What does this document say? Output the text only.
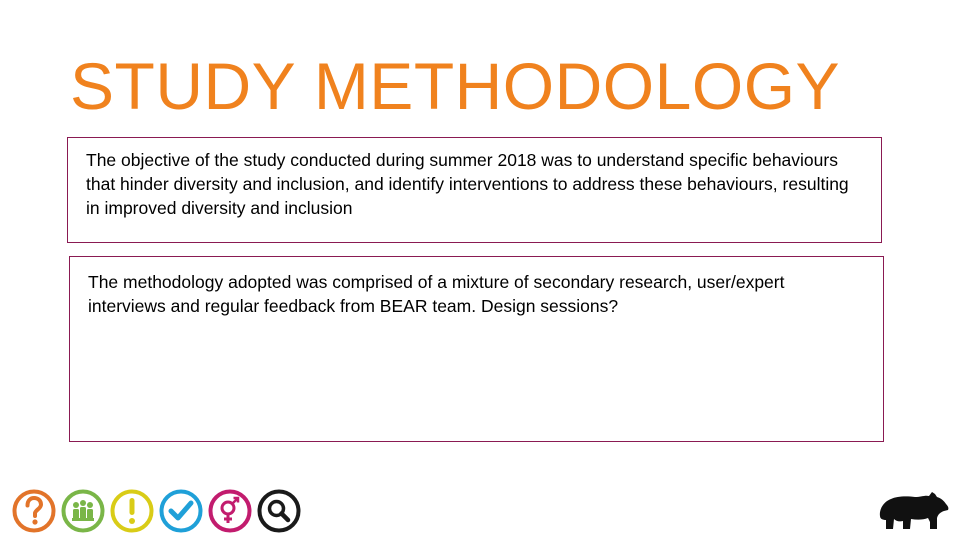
STUDY METHODOLOGY

The objective of the study conducted during summer 2018 was to understand specific behaviours that hinder diversity and inclusion, and identify interventions to address these behaviours, resulting in improved diversity and inclusion

The methodology adopted was comprised of a mixture of secondary research, user/expert interviews and regular feedback from BEAR team. Design sessions?
